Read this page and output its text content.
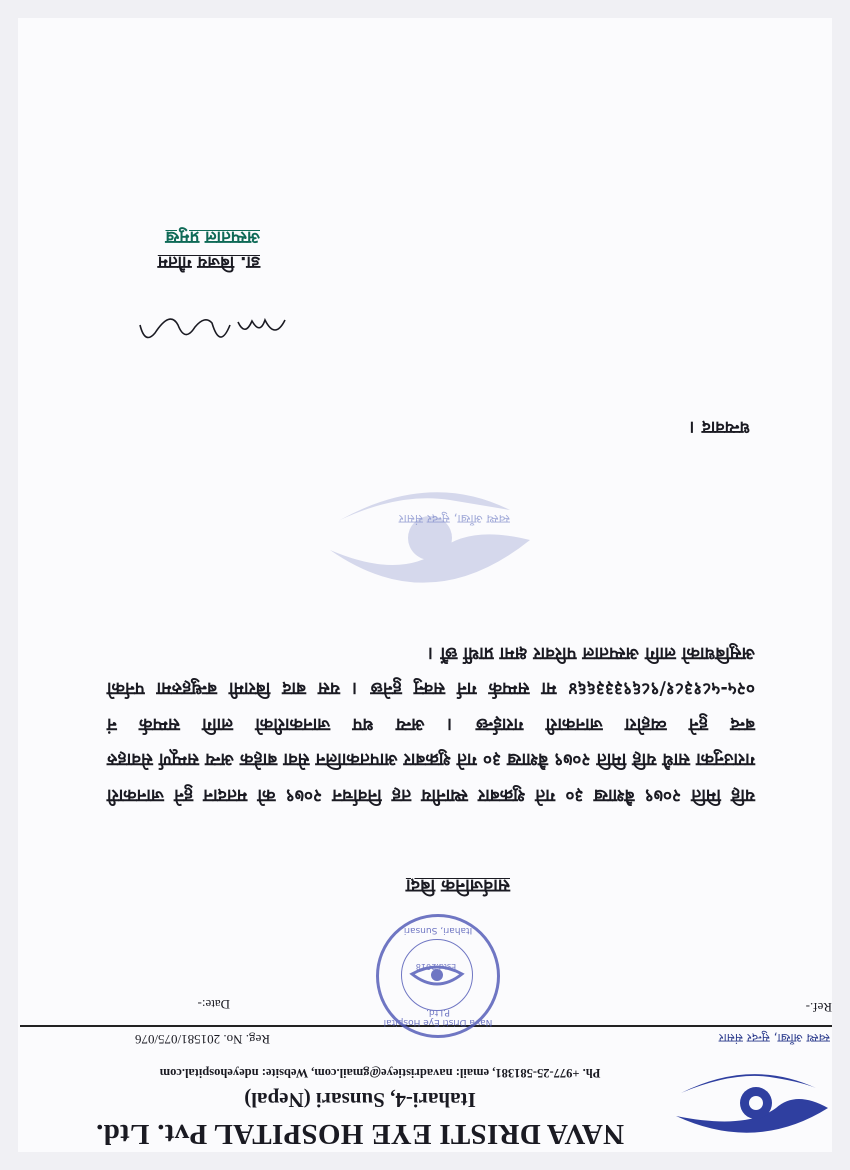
NAVA DRISTI EYE HOSPITAL Pvt. Ltd.
Itahari-4, Sunsari (Nepal)
Ph. +977-25-581381, email: navadristieye@gmail.com, Website: ndeyehospital.com
स्वस्थ आँखा, सुन्दर संसार
Reg. No. 201581/075/076
Ref.-
Date:-
Nava Dristi Eye Hospital P.Ltd.
Estd.2018
Itahari, Sunsari
सार्वजनिक बिदा
स्वस्थ आँखा, सुन्दर संसार
यहि मिति २०७९ बैशाख ३० गते शुक्रबार स्थानीय तह निर्वाचन २०७९ को मतदान हुने जानकारी गराउनुका साथै यहि मिति २०७९ बैशाख ३० गते शुक्रबार आपतकालिन सेवा बाहेक अन्य सम्पूर्ण सेवाहरु बन्द हुने व्यहोरा जानकारी गराईन्छ । अन्य थप जानकारीको लागि सम्पर्क नं ०२५-५८१३८१/९८६९३३३६६४ मा सम्पर्क गर्न सक्नु हुनेछ । यस बाद बिरामी बन्धुहरुमा पर्नको असुबिधाको लागि अस्पताल परिवार क्षमा प्रार्थी छौं ।
धन्यवाद ।
डा. बिजय गौतम
अस्पताल प्रमुख
